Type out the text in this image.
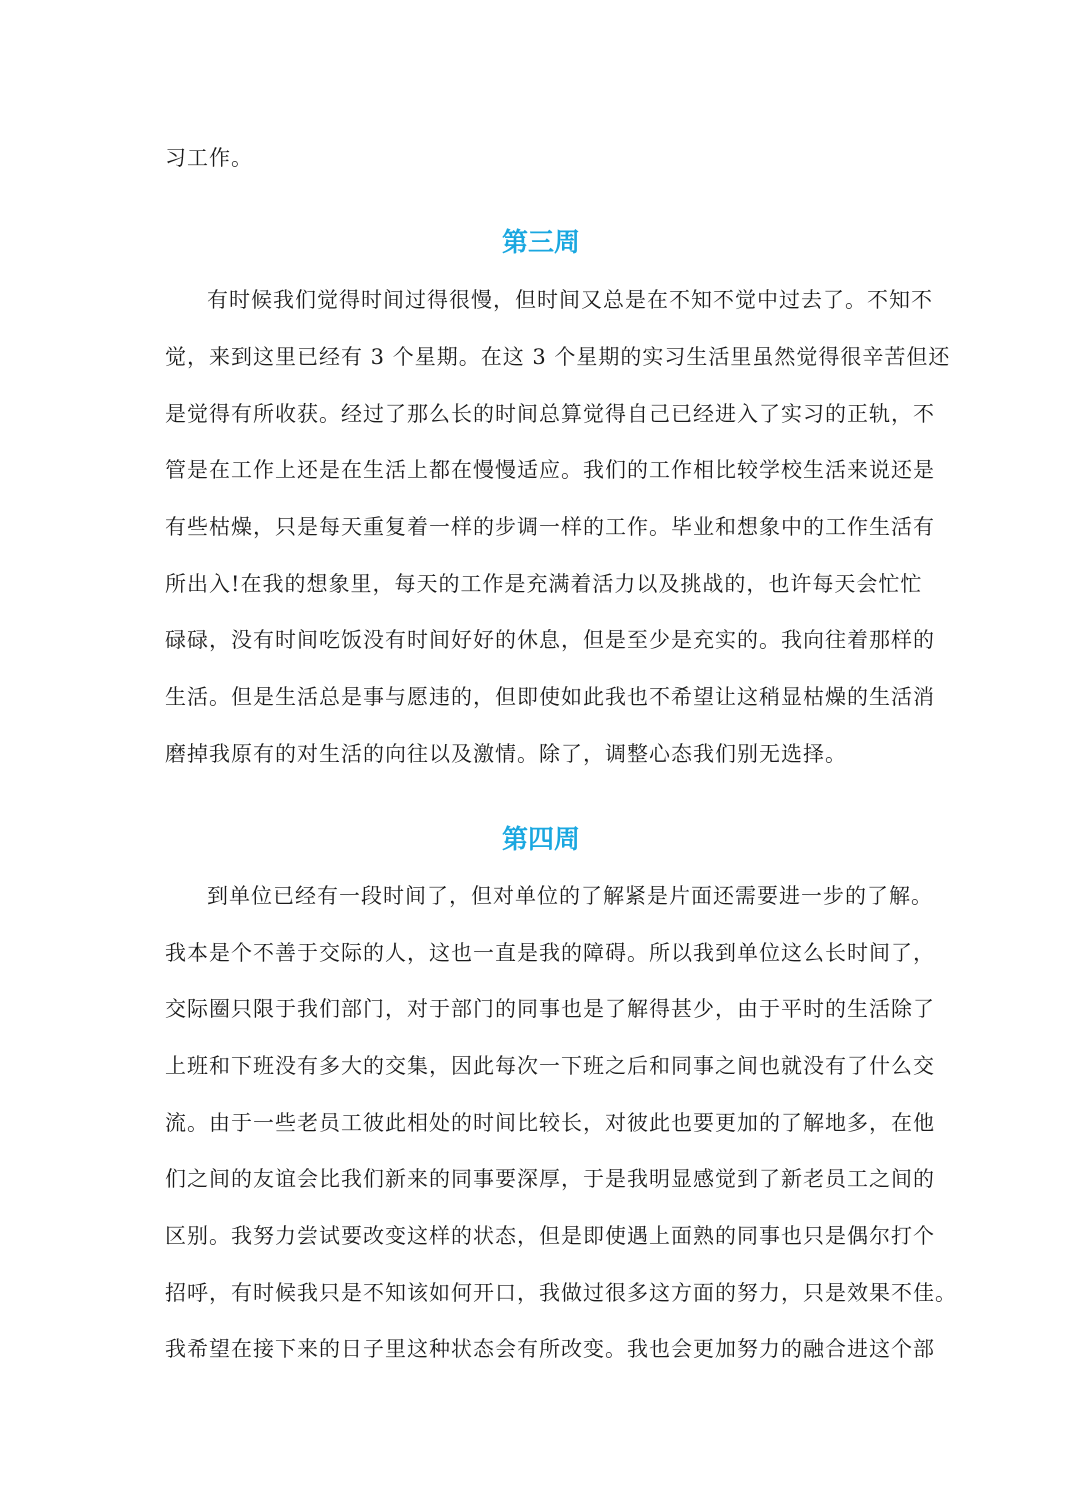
习工作。
第三周
有时候我们觉得时间过得很慢，但时间又总是在不知不觉中过去了。不知不
觉，来到这里已经有 3 个星期。在这 3 个星期的实习生活里虽然觉得很辛苦但还
是觉得有所收获。经过了那么长的时间总算觉得自己已经进入了实习的正轨，不
管是在工作上还是在生活上都在慢慢适应。我们的工作相比较学校生活来说还是
有些枯燥，只是每天重复着一样的步调一样的工作。毕业和想象中的工作生活有
所出入!在我的想象里，每天的工作是充满着活力以及挑战的，也许每天会忙忙
碌碌，没有时间吃饭没有时间好好的休息，但是至少是充实的。我向往着那样的
生活。但是生活总是事与愿违的，但即使如此我也不希望让这稍显枯燥的生活消
磨掉我原有的对生活的向往以及激情。除了，调整心态我们别无选择。
第四周
到单位已经有一段时间了，但对单位的了解紧是片面还需要进一步的了解。
我本是个不善于交际的人，这也一直是我的障碍。所以我到单位这么长时间了，
交际圈只限于我们部门，对于部门的同事也是了解得甚少，由于平时的生活除了
上班和下班没有多大的交集，因此每次一下班之后和同事之间也就没有了什么交
流。由于一些老员工彼此相处的时间比较长，对彼此也要更加的了解地多，在他
们之间的友谊会比我们新来的同事要深厚，于是我明显感觉到了新老员工之间的
区别。我努力尝试要改变这样的状态，但是即使遇上面熟的同事也只是偶尔打个
招呼，有时候我只是不知该如何开口，我做过很多这方面的努力，只是效果不佳。
我希望在接下来的日子里这种状态会有所改变。我也会更加努力的融合进这个部
